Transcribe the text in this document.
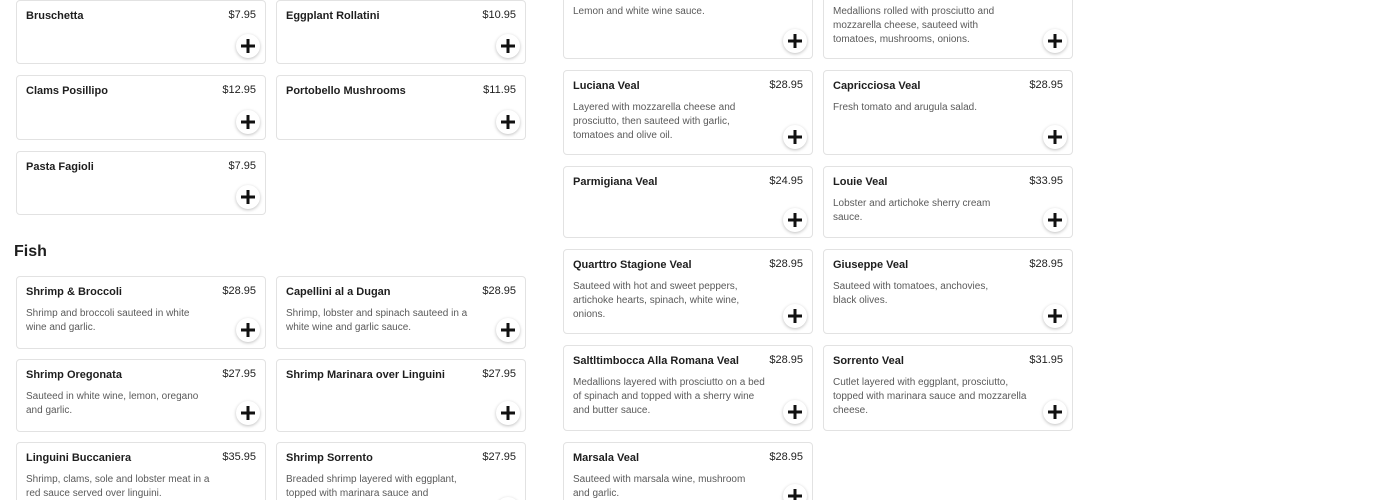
Bruschetta	$7.95	Eggplant Rollatini	$10.95
Clams Posillipo	$12.95	Portobello Mushrooms	$11.95
Pasta Fagioli	$7.95
Fish
Shrimp & Broccoli	$28.95
Shrimp and broccoli sauteed in white wine and garlic.
Capellini al a Dugan	$28.95
Shrimp, lobster and spinach sauteed in a white wine and garlic sauce.
Shrimp Oregonata	$27.95
Sauteed in white wine, lemon, oregano and garlic.
Shrimp Marinara over Linguini	$27.95
Linguini Buccaniera	$35.95
Shrimp, clams, sole and lobster meat in a red sauce served over linguini.
Shrimp Sorrento	$27.95
Breaded shrimp layered with eggplant, topped with marinara sauce and
Lemon and white wine sauce.	Medallions rolled with prosciutto and mozzarella cheese, sauteed with tomatoes, mushrooms, onions.
Luciana Veal	$28.95
Layered with mozzarella cheese and prosciutto, then sauteed with garlic, tomatoes and olive oil.
Capricciosa Veal	$28.95
Fresh tomato and arugula salad.
Parmigiana Veal	$24.95	Louie Veal	$33.95
Lobster and artichoke sherry cream sauce.
Quarttro Stagione Veal	$28.95
Sauteed with hot and sweet peppers, artichoke hearts, spinach, white wine, onions.
Giuseppe Veal	$28.95
Sauteed with tomatoes, anchovies, black olives.
Saltltimbocca Alla Romana Veal	$28.95
Medallions layered with prosciutto on a bed of spinach and topped with a sherry wine and butter sauce.
Sorrento Veal	$31.95
Cutlet layered with eggplant, prosciutto, topped with marinara sauce and mozzarella cheese.
Marsala Veal	$28.95
Sauteed with marsala wine, mushroom and garlic.
